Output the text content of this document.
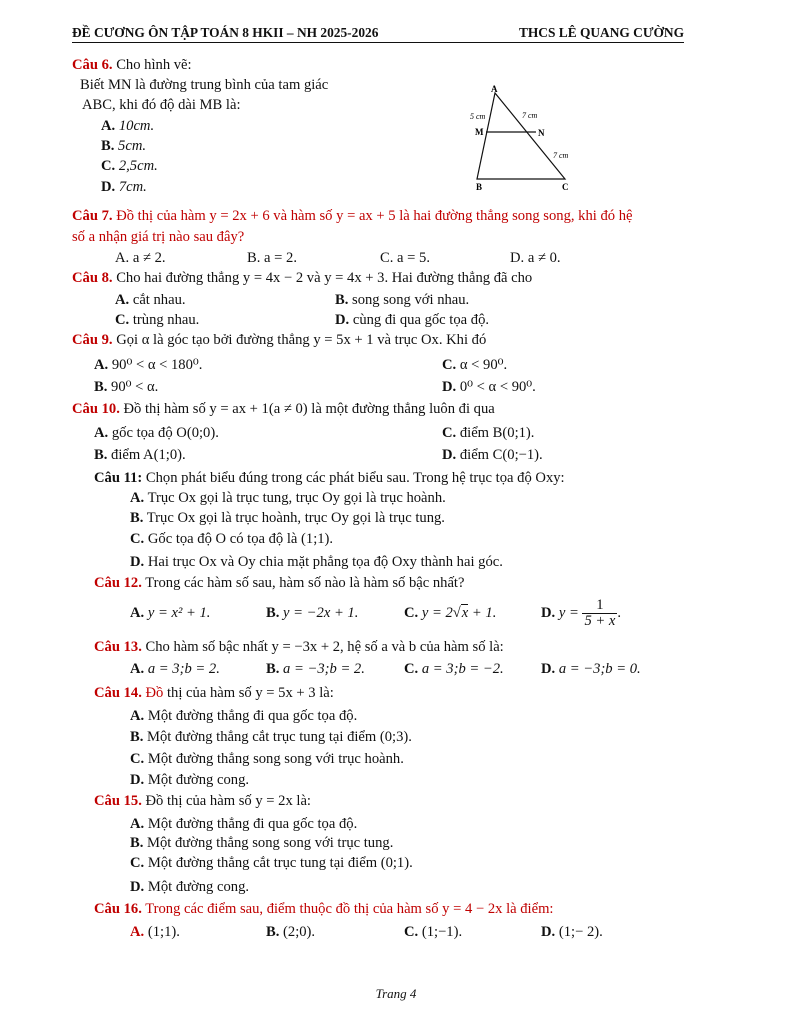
ĐỀ CƯƠNG ÔN TẬP TOÁN 8 HKII – NH 2025-2026	THCS LÊ QUANG CƯỜNG
Câu 6. Cho hình vẽ:
Biết MN là đường trung bình của tam giác
ABC, khi đó độ dài MB là:
A. 10cm.
B. 5cm.
C. 2,5cm.
D. 7cm.
A
B	C
M	N
5 cm	7 cm
7 cm
Câu 7. Đồ thị của hàm y = 2x + 6 và hàm số y = ax + 5 là hai đường thẳng song song, khi đó hệ
số a nhận giá trị nào sau đây?
A. a ≠ 2.	B. a = 2.	C. a = 5.	D. a ≠ 0.
Câu 8. Cho hai đường thẳng y = 4x − 2 và y = 4x + 3. Hai đường thẳng đã cho
A. cắt nhau.	B. song song với nhau.
C. trùng nhau.	D. cùng đi qua gốc tọa độ.
Câu 9. Gọi α là góc tạo bởi đường thẳng y = 5x + 1 và trục Ox. Khi đó
A. 90⁰ < α < 180⁰.	C. α < 90⁰.
B. 90⁰ < α.	D. 0⁰ < α < 90⁰.
Câu 10. Đồ thị hàm số y = ax + 1(a ≠ 0) là một đường thẳng luôn đi qua
A. gốc tọa độ O(0;0).	C. điểm B(0;1).
B. điểm A(1;0).	D. điểm C(0;−1).
Câu 11: Chọn phát biểu đúng trong các phát biểu sau. Trong hệ trục tọa độ Oxy:
A. Trục Ox gọi là trục tung, trục Oy gọi là trục hoành.
B. Trục Ox gọi là trục hoành, trục Oy gọi là trục tung.
C. Gốc tọa độ O có tọa độ là (1;1).
D. Hai trục Ox và Oy chia mặt phẳng tọa độ Oxy thành hai góc.
Câu 12. Trong các hàm số sau, hàm số nào là hàm số bậc nhất?
A. y = x² + 1.	B. y = −2x + 1.	C. y = 2√x + 1.	D. $y = \frac{1}{5 + x}$ .
Câu 13. Cho hàm số bậc nhất y = −3x + 2, hệ số a và b của hàm số là:
A. a = 3;b = 2.	B. a = −3;b = 2.	C. a = 3;b = −2.	D. a = −3;b = 0.
Câu 14. Đồ thị của hàm số y = 5x + 3 là:
A. Một đường thẳng đi qua gốc tọa độ.
B. Một đường thẳng cắt trục tung tại điểm (0;3).
C. Một đường thẳng song song với trục hoành.
D. Một đường cong.
Câu 15. Đồ thị của hàm số y = 2x là:
A. Một đường thẳng đi qua gốc tọa độ.
B. Một đường thẳng song song với trục tung.
C. Một đường thẳng cắt trục tung tại điểm (0;1).
D. Một đường cong.
Câu 16. Trong các điểm sau, điểm thuộc đồ thị của hàm số y = 4 − 2x là điểm:
A. (1;1).	B. (2;0).	C. (1;−1).	D. (1;− 2).
Trang 4
